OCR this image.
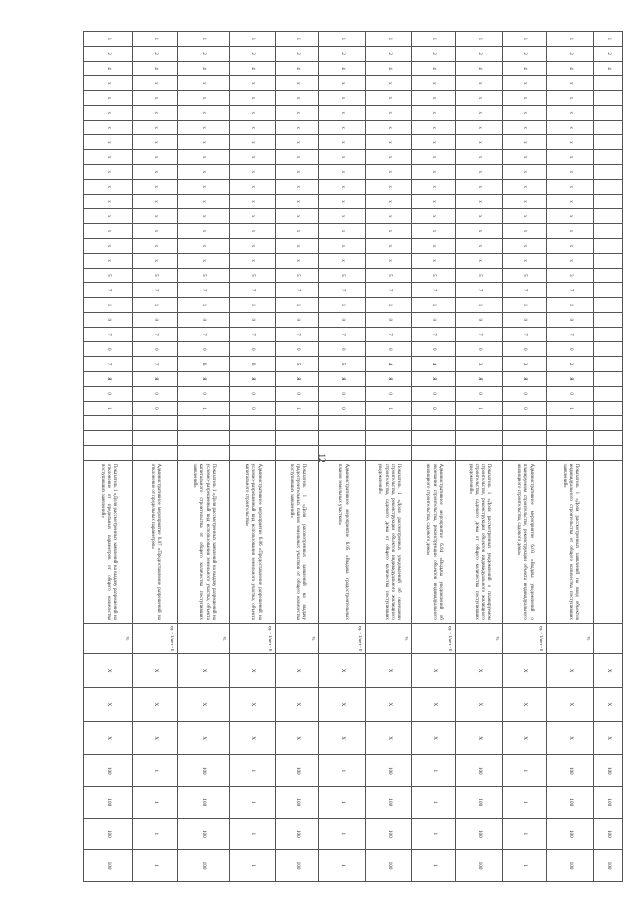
12
1	2	4																													X	X	X	100	100	100	100
1	2	4	x	x	x	x	x	x	x	x	x	x	x	x	x	3	7	1	0	7	0	2	Я	0	1				Показатель 1 «Доля рассмотренных заявлений на ввод объектов индивидуального строительства от общего количества поступивших заявлений»	%	X	X	X	100	100	100	100
1	2	4	x	x	x	x	x	x	x	x	x	x	x	x	x	5	7	1	0	7	0	3	Я	0	0				Административное мероприятие 6.03 «Выдача уведомлений о планируемом строительстве, реконструкции объекта индивидуального жилищного строительства, садового дома»	ед. - 1/нет - 0	X	X	X	1	1	1	1
1	2	4	x	x	x	x	x	x	x	x	x	x	x	x	x	5	7	1	0	7	0	3	Я	0	1				Показатель 1 «Доля рассмотренных уведомлений о планируемом строительстве, реконструкции объектов индивидуального жилищного строительства, садового дома от общего количества поступивших уведомлений»	%	X	X	X	100	100	100	100
1	2	4	x	x	x	x	x	x	x	x	x	x	x	x	x	5	7	1	0	7	0	4	Я	0	0				Административное мероприятие 6.04 «Выдача уведомлений об окончании строительства, реконструкции объектов индивидуального жилищного строительства, садового дома»	ед. - 1/нет - 0	X	X	X	1	1	1	1
1	2	4	x	x	x	x	x	x	x	x	x	x	x	x	x	5	7	1	0	7	0	4	Я	0	1				Показатель 1 «Доля рассмотренных уведомлений об окончании строительства, реконструкции объектов индивидуального жилищного строительства, садового дома от общего количества поступивших уведомлений»	%	X	X	X	100	100	100	100
1	2	4	x	x	x	x	x	x	x	x	x	x	x	x	x	5	7	1	0	7	0	5	Я	0	0				Административное мероприятие 6.05 «Выдача градостроительных планов земельных участков»	ед. - 1/нет - 0	X	X	X	1	1	1	1
1	2	4	x	x	x	x	x	x	x	x	x	x	x	x	x	5	7	1	0	7	0	5	Я	0	1				Показатель 1 «Доля рассмотренных заявлений на выдачу градостроительных планов земельных участков от общего количества поступивших заявлений»	%	X	X	X	100	100	100	100
1	2	4	x	x	x	x	x	x	x	x	x	x	x	x	x	5	7	1	0	7	0	6	Я	0	0				Административное мероприятие 6.06 «Предоставление разрешений на условно-разрешенный вид использования земельного участка, объекта капитального строительства»	ед. - 1/нет - 0	X	X	X	1	1	1	1
1	2	4	x	x	x	x	x	x	x	x	x	x	x	x	x	5	7	1	0	7	0	6	Я	0	1				Показатель 1 «Доля рассмотренных заявлений на выдачу разрешений на условно-разрешенный вид использования земельного участка, объекта капитального строительства от общего количества поступивших заявлений»	%	X	X	X	100	100	100	100
1	2	4	x	x	x	x	x	x	x	x	x	x	x	x	x	5	7	1	0	7	0	7	Я	0	0				Административное мероприятие 6.07 «Предоставление разрешений на отклонение от предельных параметров»	ед. - 1/нет - 0	X	X	X	1	1	1	1
1	2	4	x	x	x	x	x	x	x	x	x	x	x	x	x	5	7	1	0	7	0	7	Я	0	1				Показатель 1 «Доля рассмотренных заявлений на выдачу разрешений на отклонение от предельных параметров от общего количества поступивших заявлений»	%	X	X	X	100	100	100	100
